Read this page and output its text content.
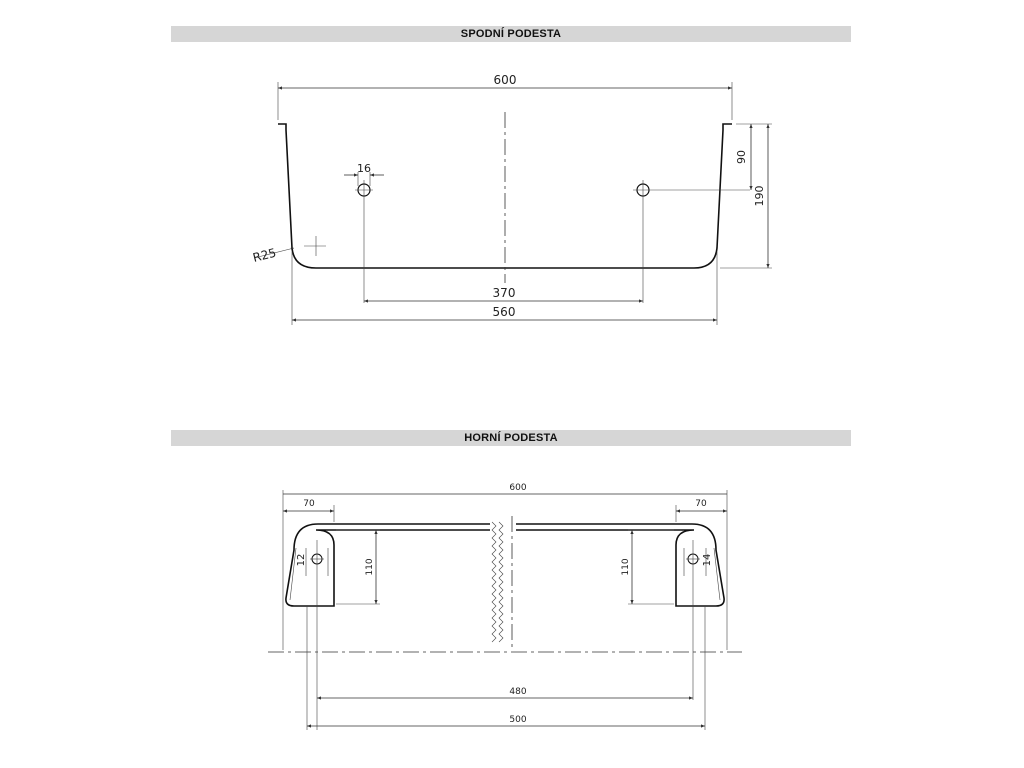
SPODNÍ PODESTA
HORNÍ PODESTA
600
16
90
190
R25
370
560
12	14
600
70	70
110	110
480
500
